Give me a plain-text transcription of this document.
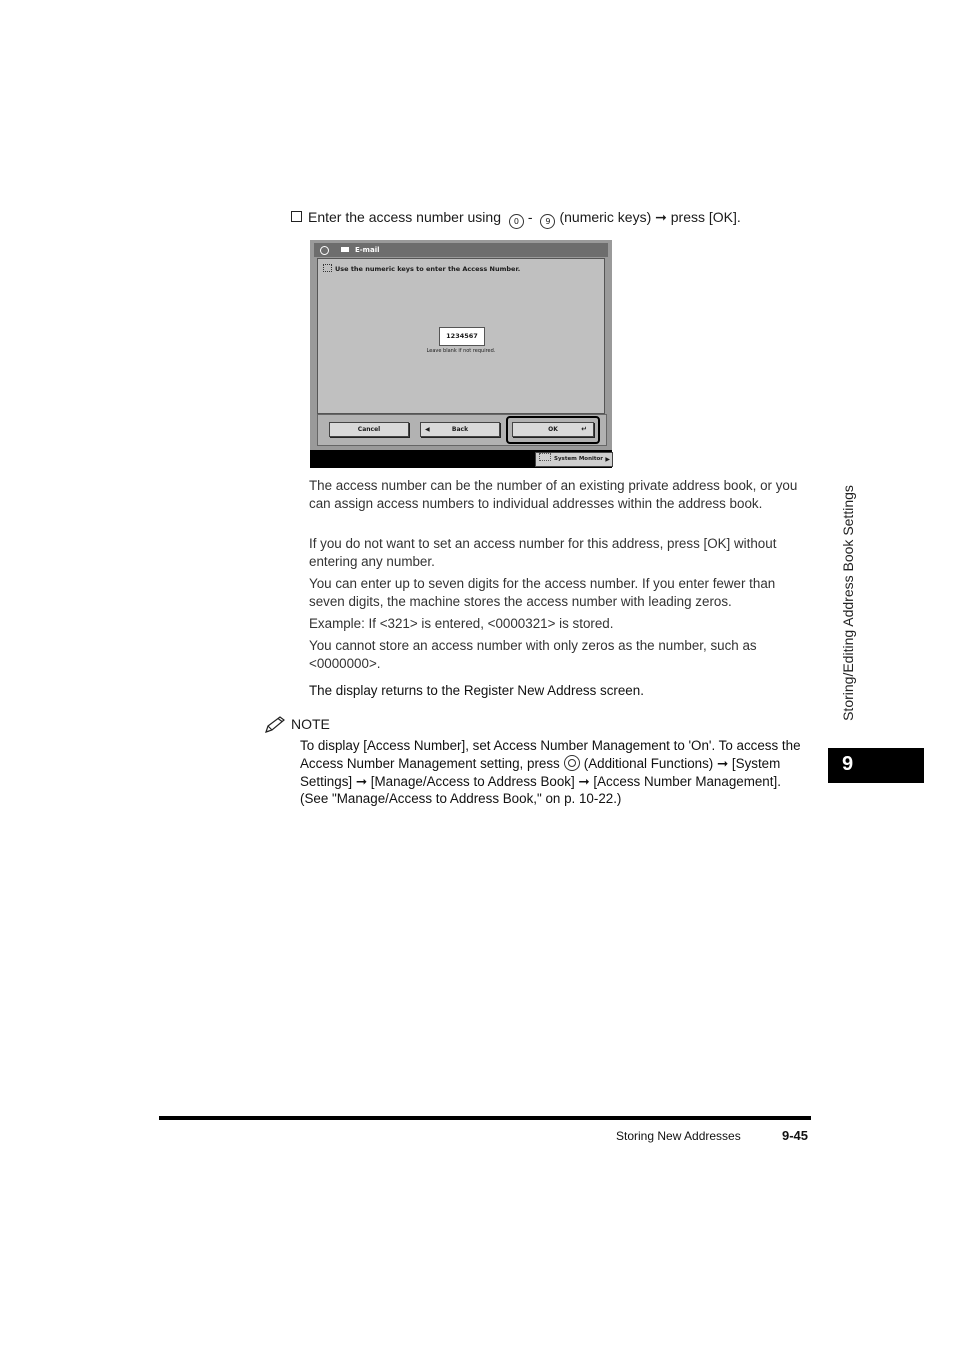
Enter the access number using 0 - 9 (numeric keys) ➞ press [OK].
E-mail
Use the numeric keys to enter the Access Number.
1234567
Leave blank if not required.
Cancel	◀	Back	OK	↵
System Monitor ▶
The access number can be the number of an existing private address book, or you can assign access numbers to individual addresses within the address book.
If you do not want to set an access number for this address, press [OK] without entering any number.
You can enter up to seven digits for the access number. If you enter fewer than seven digits, the machine stores the access number with leading zeros.
Example: If <321> is entered, <0000321> is stored.
You cannot store an access number with only zeros as the number, such as <0000000>.
The display returns to the Register New Address screen.
NOTE
To display [Access Number], set Access Number Management to 'On'. To access the Access Number Management setting, press (Additional Functions) ➞ [System Settings] ➞ [Manage/Access to Address Book] ➞ [Access Number Management]. (See "Manage/Access to Address Book," on p. 10-22.)
Storing/Editing Address Book Settings
9
Storing New Addresses	9-45
